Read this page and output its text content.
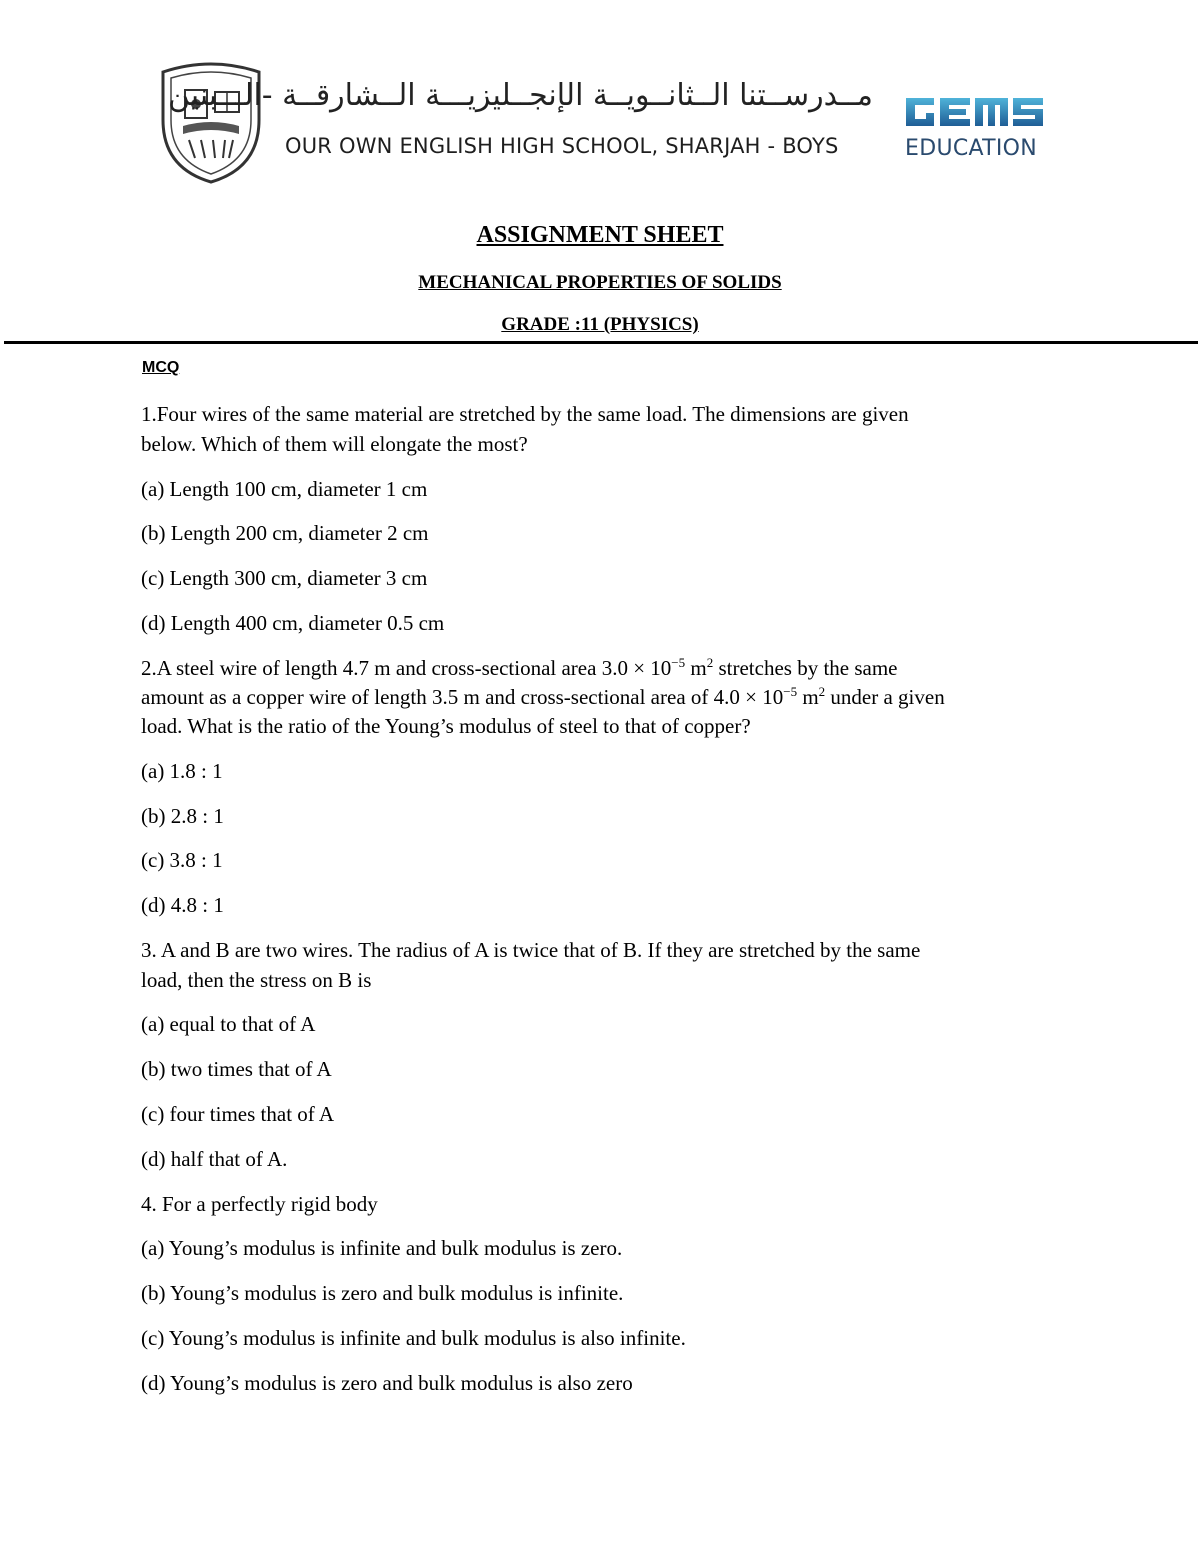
مــدرســتنا الــثانــويــة الإنجــليزيـــة الــشارقــة -الـــبنين
OUR OWN ENGLISH HIGH SCHOOL, SHARJAH - BOYS	EDUCATION
ASSIGNMENT SHEET
MECHANICAL PROPERTIES OF SOLIDS
GRADE :11 (PHYSICS)
MCQ
1.Four wires of the same material are stretched by the same load. The dimensions are given
below. Which of them will elongate the most?
(a) Length 100 cm, diameter 1 cm
(b) Length 200 cm, diameter 2 cm
(c) Length 300 cm, diameter 3 cm
(d) Length 400 cm, diameter 0.5 cm
2.A steel wire of length 4.7 m and cross-sectional area $3.0 \times 10^{-5}$ $m^2$ stretches by the same
amount as a copper wire of length 3.5 m and cross-sectional area of $4.0 \times 10^{-5}$ $m^2$ under a given
load. What is the ratio of the Young’s modulus of steel to that of copper?
(a) 1.8 : 1
(b) 2.8 : 1
(c) 3.8 : 1
(d) 4.8 : 1
3. A and B are two wires. The radius of A is twice that of B. If they are stretched by the same
load, then the stress on B is
(a) equal to that of A
(b) two times that of A
(c) four times that of A
(d) half that of A.
4. For a perfectly rigid body
(a) Young’s modulus is infinite and bulk modulus is zero.
(b) Young’s modulus is zero and bulk modulus is infinite.
(c) Young’s modulus is infinite and bulk modulus is also infinite.
(d) Young’s modulus is zero and bulk modulus is also zero
